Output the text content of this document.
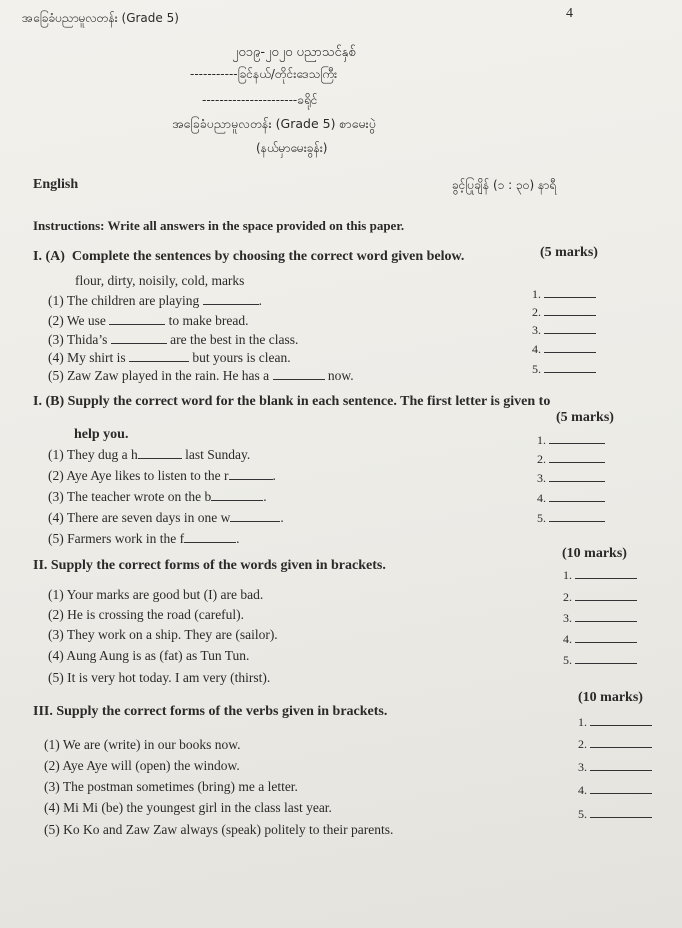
အခြေခံပညာမူလတန်း (Grade 5)	4
၂၀၁၉-၂၀၂၀ ပညာသင်နှစ်
-----------ခြင်နယ်/တိုင်းဒေသကြီး
----------------------ခရိုင်
အခြေခံပညာမူလတန်း (Grade 5) စာမေးပွဲ
(နယ်မှာမေးခွန်း)
English	ခွင့်ပြုချိန် (၁ : ၃၀) နာရီ
Instructions: Write all answers in the space provided on this paper.
I. (A) Complete the sentences by choosing the correct word given below.	(5 marks)
flour, dirty, noisily, cold, marks
(1) The children are playing	.
(2) We use	to make bread.
(3) Thida’s	are the best in the class.
(4) My shirt is	but yours is clean.
(5) Zaw Zaw played in the rain. He has a	now.
1.
2.
3.
4.
5.
I. (B) Supply the correct word for the blank in each sentence. The first letter is given to
(5 marks)
help you.
(1) They dug a h	last Sunday.
(2) Aye Aye likes to listen to the r	.
(3) The teacher wrote on the b	.
(4) There are seven days in one w	.
(5) Farmers work in the f	.
1.
2.
3.
4.
5.
II. Supply the correct forms of the words given in brackets.
(10 marks)
(1) Your marks are good but (I) are bad.
(2) He is crossing the road (careful).
(3) They work on a ship. They are (sailor).
(4) Aung Aung is as (fat) as Tun Tun.
(5) It is very hot today. I am very (thirst).
1.
2.
3.
4.
5.
III. Supply the correct forms of the verbs given in brackets.
(10 marks)
(1) We are (write) in our books now.
(2) Aye Aye will (open) the window.
(3) The postman sometimes (bring) me a letter.
(4) Mi Mi (be) the youngest girl in the class last year.
(5) Ko Ko and Zaw Zaw always (speak) politely to their parents.
1.
2.
3.
4.
5.
